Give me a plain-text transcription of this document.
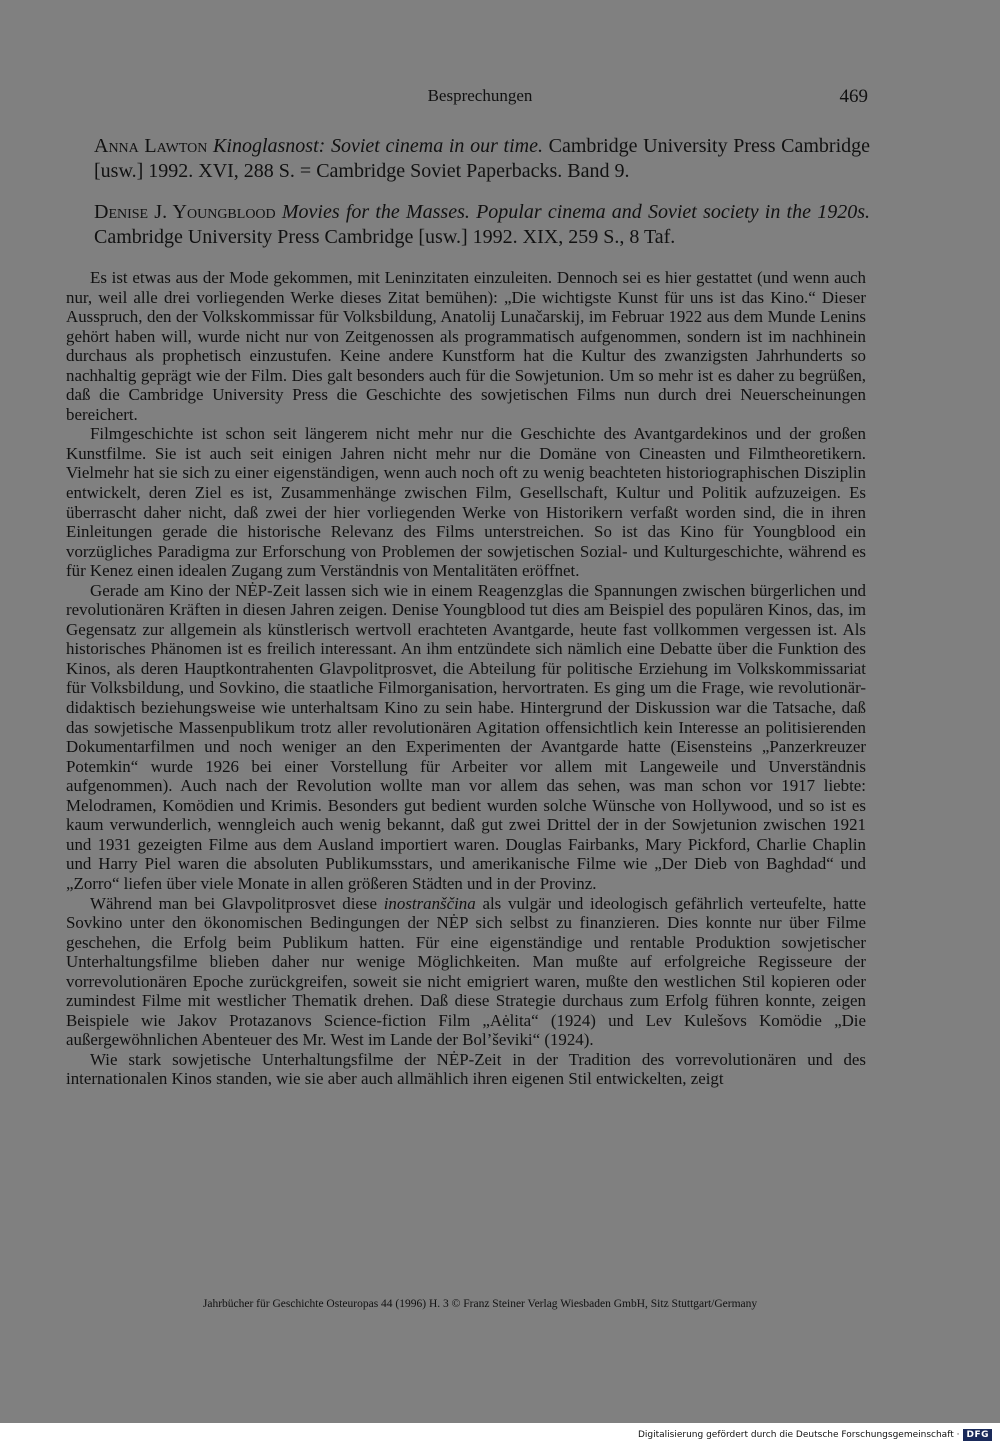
Besprechungen	469
Anna Lawton Kinoglasnost: Soviet cinema in our time. Cambridge University Press Cambridge [usw.] 1992. XVI, 288 S. = Cambridge Soviet Paperbacks. Band 9.
Denise J. Youngblood Movies for the Masses. Popular cinema and Soviet society in the 1920s. Cambridge University Press Cambridge [usw.] 1992. XIX, 259 S., 8 Taf.

Es ist etwas aus der Mode gekommen, mit Leninzitaten einzuleiten. Dennoch sei es hier gestattet (und wenn auch nur, weil alle drei vorliegenden Werke dieses Zitat bemühen): „Die wichtigste Kunst für uns ist das Kino.“ Dieser Ausspruch, den der Volkskommissar für Volksbildung, Anatolij Lunačarskij, im Februar 1922 aus dem Munde Lenins gehört haben will, wurde nicht nur von Zeitgenossen als programmatisch aufgenommen, sondern ist im nachhinein durchaus als prophetisch einzustufen. Keine andere Kunstform hat die Kultur des zwanzigsten Jahrhunderts so nachhaltig geprägt wie der Film. Dies galt besonders auch für die Sowjetunion. Um so mehr ist es daher zu begrüßen, daß die Cambridge University Press die Geschichte des sowjetischen Films nun durch drei Neuerscheinungen bereichert.

Filmgeschichte ist schon seit längerem nicht mehr nur die Geschichte des Avantgardekinos und der großen Kunstfilme. Sie ist auch seit einigen Jahren nicht mehr nur die Domäne von Cineasten und Filmtheoretikern. Vielmehr hat sie sich zu einer eigenständigen, wenn auch noch oft zu wenig beachteten historiographischen Disziplin entwickelt, deren Ziel es ist, Zusammenhänge zwischen Film, Gesellschaft, Kultur und Politik aufzuzeigen. Es überrascht daher nicht, daß zwei der hier vorliegenden Werke von Historikern verfaßt worden sind, die in ihren Einleitungen gerade die historische Relevanz des Films unterstreichen. So ist das Kino für Youngblood ein vorzügliches Paradigma zur Erforschung von Problemen der sowjetischen Sozial- und Kulturgeschichte, während es für Kenez einen idealen Zugang zum Verständnis von Mentalitäten eröffnet.

Gerade am Kino der NĖP-Zeit lassen sich wie in einem Reagenzglas die Spannungen zwischen bürgerlichen und revolutionären Kräften in diesen Jahren zeigen. Denise Youngblood tut dies am Beispiel des populären Kinos, das, im Gegensatz zur allgemein als künstlerisch wertvoll erachteten Avantgarde, heute fast vollkommen vergessen ist. Als historisches Phänomen ist es freilich interessant. An ihm entzündete sich nämlich eine Debatte über die Funktion des Kinos, als deren Hauptkontrahenten Glavpolitprosvet, die Abteilung für politische Erziehung im Volkskommissariat für Volksbildung, und Sovkino, die staatliche Filmorganisation, hervortraten. Es ging um die Frage, wie revolutionär-didaktisch beziehungsweise wie unterhaltsam Kino zu sein habe. Hintergrund der Diskussion war die Tatsache, daß das sowjetische Massenpublikum trotz aller revolutionären Agitation offensichtlich kein Interesse an politisierenden Dokumentarfilmen und noch weniger an den Experimenten der Avantgarde hatte (Eisensteins „Panzerkreuzer Potemkin“ wurde 1926 bei einer Vorstellung für Arbeiter vor allem mit Langeweile und Unverständnis aufgenommen). Auch nach der Revolution wollte man vor allem das sehen, was man schon vor 1917 liebte: Melodramen, Komödien und Krimis. Besonders gut bedient wurden solche Wünsche von Hollywood, und so ist es kaum verwunderlich, wenngleich auch wenig bekannt, daß gut zwei Drittel der in der Sowjetunion zwischen 1921 und 1931 gezeigten Filme aus dem Ausland importiert waren. Douglas Fairbanks, Mary Pickford, Charlie Chaplin und Harry Piel waren die absoluten Publikumsstars, und amerikanische Filme wie „Der Dieb von Baghdad“ und „Zorro“ liefen über viele Monate in allen größeren Städten und in der Provinz.

Während man bei Glavpolitprosvet diese inostranščina als vulgär und ideologisch gefährlich verteufelte, hatte Sovkino unter den ökonomischen Bedingungen der NĖP sich selbst zu finanzieren. Dies konnte nur über Filme geschehen, die Erfolg beim Publikum hatten. Für eine eigenständige und rentable Produktion sowjetischer Unterhaltungsfilme blieben daher nur wenige Möglichkeiten. Man mußte auf erfolgreiche Regisseure der vorrevolutionären Epoche zurückgreifen, soweit sie nicht emigriert waren, mußte den westlichen Stil kopieren oder zumindest Filme mit westlicher Thematik drehen. Daß diese Strategie durchaus zum Erfolg führen konnte, zeigen Beispiele wie Jakov Protazanovs Science-fiction Film „Aėlita“ (1924) und Lev Kulešovs Komödie „Die außergewöhnlichen Abenteuer des Mr. West im Lande der Bol’ševiki“ (1924).

Wie stark sowjetische Unterhaltungsfilme der NĖP-Zeit in der Tradition des vorrevolutionären und des internationalen Kinos standen, wie sie aber auch allmählich ihren eigenen Stil entwickelten, zeigt

Jahrbücher für Geschichte Osteuropas 44 (1996) H. 3 © Franz Steiner Verlag Wiesbaden GmbH, Sitz Stuttgart/Germany
Digitalisierung gefördert durch die Deutsche Forschungsgemeinschaft · DFG
